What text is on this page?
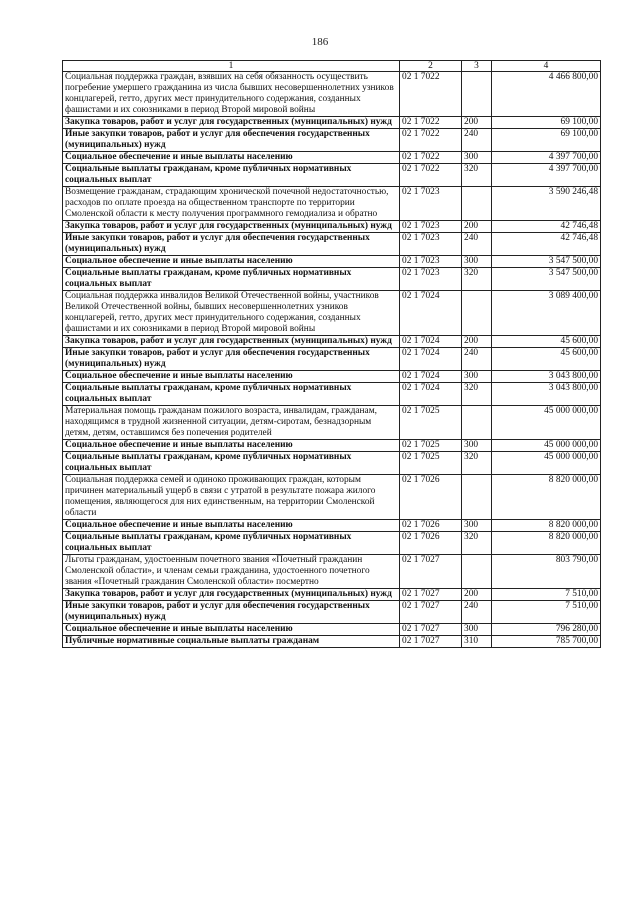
186
1	2	3	4
Социальная поддержка граждан, взявших на себя обязанность осуществить погребение умершего гражданина из числа бывших несовершеннолетних узников концлагерей, гетто, других мест принудительного содержания, созданных фашистами и их союзниками в период Второй мировой войны	02 1 7022		4 466 800,00
Закупка товаров, работ и услуг для государственных (муниципальных) нужд	02 1 7022	200	69 100,00
Иные закупки товаров, работ и услуг для обеспечения государственных (муниципальных) нужд	02 1 7022	240	69 100,00
Социальное обеспечение и иные выплаты населению	02 1 7022	300	4 397 700,00
Социальные выплаты гражданам, кроме публичных нормативных социальных выплат	02 1 7022	320	4 397 700,00
Возмещение гражданам, страдающим хронической почечной недостаточностью, расходов по оплате проезда на общественном транспорте по территории Смоленской области к месту получения программного гемодиализа и обратно	02 1 7023		3 590 246,48
Закупка товаров, работ и услуг для государственных (муниципальных) нужд	02 1 7023	200	42 746,48
Иные закупки товаров, работ и услуг для обеспечения государственных (муниципальных) нужд	02 1 7023	240	42 746,48
Социальное обеспечение и иные выплаты населению	02 1 7023	300	3 547 500,00
Социальные выплаты гражданам, кроме публичных нормативных социальных выплат	02 1 7023	320	3 547 500,00
Социальная поддержка инвалидов Великой Отечественной войны, участников Великой Отечественной войны, бывших несовершеннолетних узников концлагерей, гетто, других мест принудительного содержания, созданных фашистами и их союзниками в период Второй мировой войны	02 1 7024		3 089 400,00
Закупка товаров, работ и услуг для государственных (муниципальных) нужд	02 1 7024	200	45 600,00
Иные закупки товаров, работ и услуг для обеспечения государственных (муниципальных) нужд	02 1 7024	240	45 600,00
Социальное обеспечение и иные выплаты населению	02 1 7024	300	3 043 800,00
Социальные выплаты гражданам, кроме публичных нормативных социальных выплат	02 1 7024	320	3 043 800,00
Материальная помощь гражданам пожилого возраста, инвалидам, гражданам, находящимся в трудной жизненной ситуации, детям-сиротам, безнадзорным детям, детям, оставшимся без попечения родителей	02 1 7025		45 000 000,00
Социальное обеспечение и иные выплаты населению	02 1 7025	300	45 000 000,00
Социальные выплаты гражданам, кроме публичных нормативных социальных выплат	02 1 7025	320	45 000 000,00
Социальная поддержка семей и одиноко проживающих граждан, которым причинен материальный ущерб в связи с утратой в результате пожара жилого помещения, являющегося для них единственным, на территории Смоленской области	02 1 7026		8 820 000,00
Социальное обеспечение и иные выплаты населению	02 1 7026	300	8 820 000,00
Социальные выплаты гражданам, кроме публичных нормативных социальных выплат	02 1 7026	320	8 820 000,00
Льготы гражданам, удостоенным почетного звания «Почетный гражданин Смоленской области», и членам семьи гражданина, удостоенного почетного звания «Почетный гражданин Смоленской области» посмертно	02 1 7027		803 790,00
Закупка товаров, работ и услуг для государственных (муниципальных) нужд	02 1 7027	200	7 510,00
Иные закупки товаров, работ и услуг для обеспечения государственных (муниципальных) нужд	02 1 7027	240	7 510,00
Социальное обеспечение и иные выплаты населению	02 1 7027	300	796 280,00
Публичные нормативные социальные выплаты гражданам	02 1 7027	310	785 700,00
